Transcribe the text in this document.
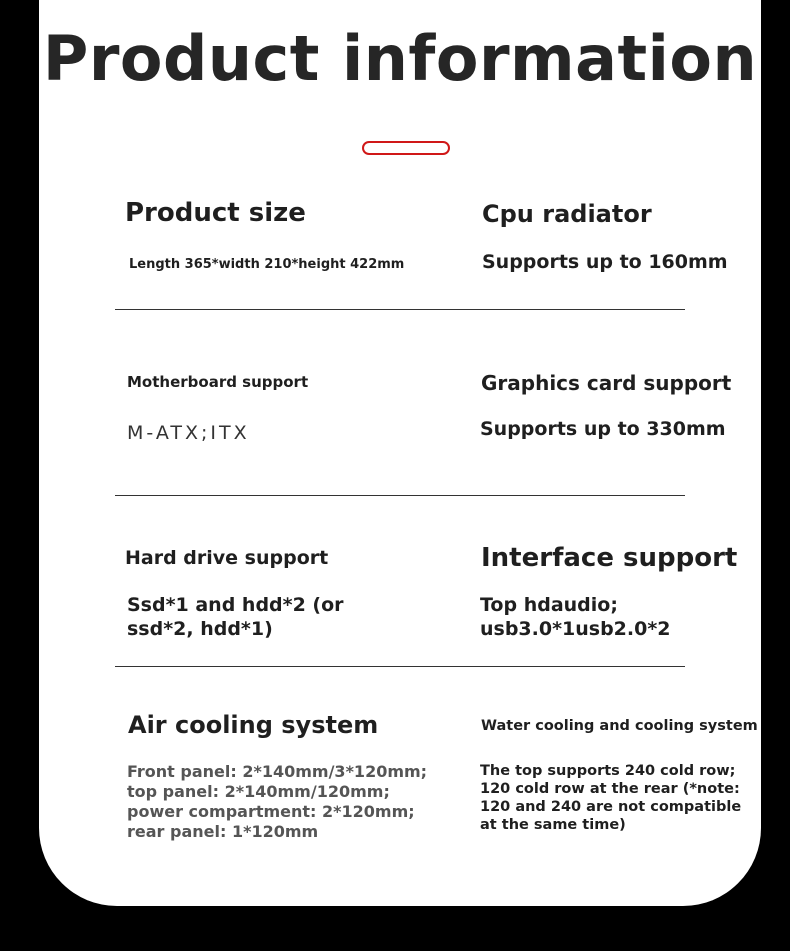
Product information
Product size
Length 365*width 210*height 422mm
Cpu radiator
Supports up to 160mm
Motherboard support
M-ATX;ITX
Graphics card support
Supports up to 330mm
Hard drive support
Ssd*1 and hdd*2 (or ssd*2, hdd*1)
Interface support
Top hdaudio; usb3.0*1usb2.0*2
Air cooling system
Front panel: 2*140mm/3*120mm; top panel: 2*140mm/120mm; power compartment: 2*120mm; rear panel: 1*120mm
Water cooling and cooling system
The top supports 240 cold row; 120 cold row at the rear (*note: 120 and 240 are not compatible at the same time)
